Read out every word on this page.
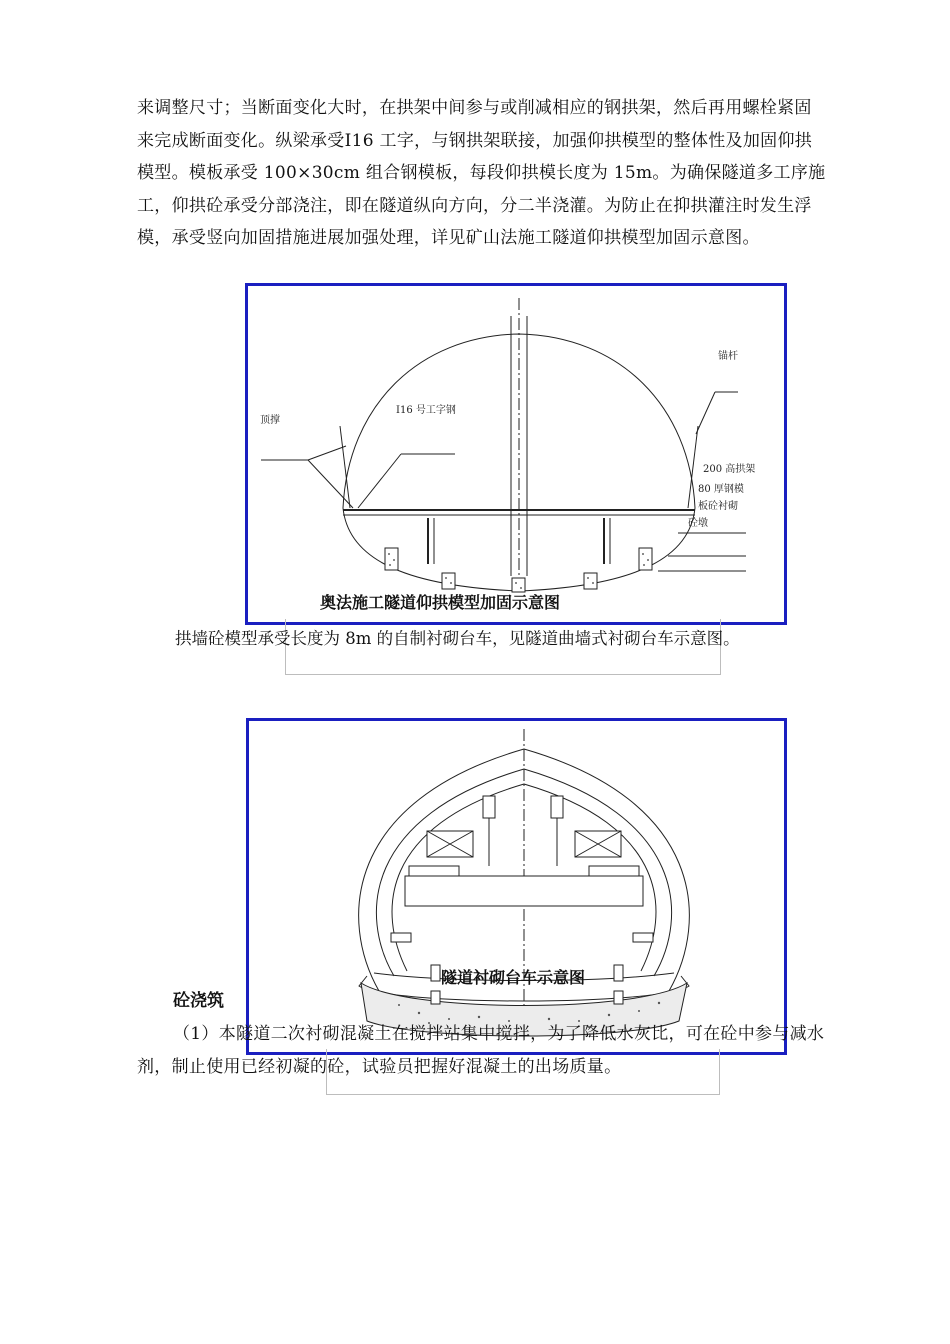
来调整尺寸；当断面变化大时，在拱架中间参与或削减相应的钢拱架，然后再用螺栓紧固来完成断面变化。纵梁承受Ⅰ16 工字，与钢拱架联接，加强仰拱模型的整体性及加固仰拱模型。模板承受 100×30cm 组合钢模板，每段仰拱模长度为 15m。为确保隧道多工序施工，仰拱砼承受分部浇注，即在隧道纵向方向，分二半浇灌。为防止在抑拱灌注时发生浮模，承受竖向加固措施进展加强处理，详见矿山法施工隧道仰拱模型加固示意图。

锚杆
顶撑
I16 号工字钢
200 高拱架
80 厚钢模
板砼衬砌
砼墩
奥法施工隧道仰拱模型加固示意图

拱墙砼模型承受长度为 8m 的自制衬砌台车，见隧道曲墙式衬砌台车示意图。

隧道衬砌台车示意图

砼浇筑

（1）本隧道二次衬砌混凝土在搅拌站集中搅拌，为了降低水灰比，可在砼中参与减水剂，制止使用已经初凝的砼，试验员把握好混凝土的出场质量。
